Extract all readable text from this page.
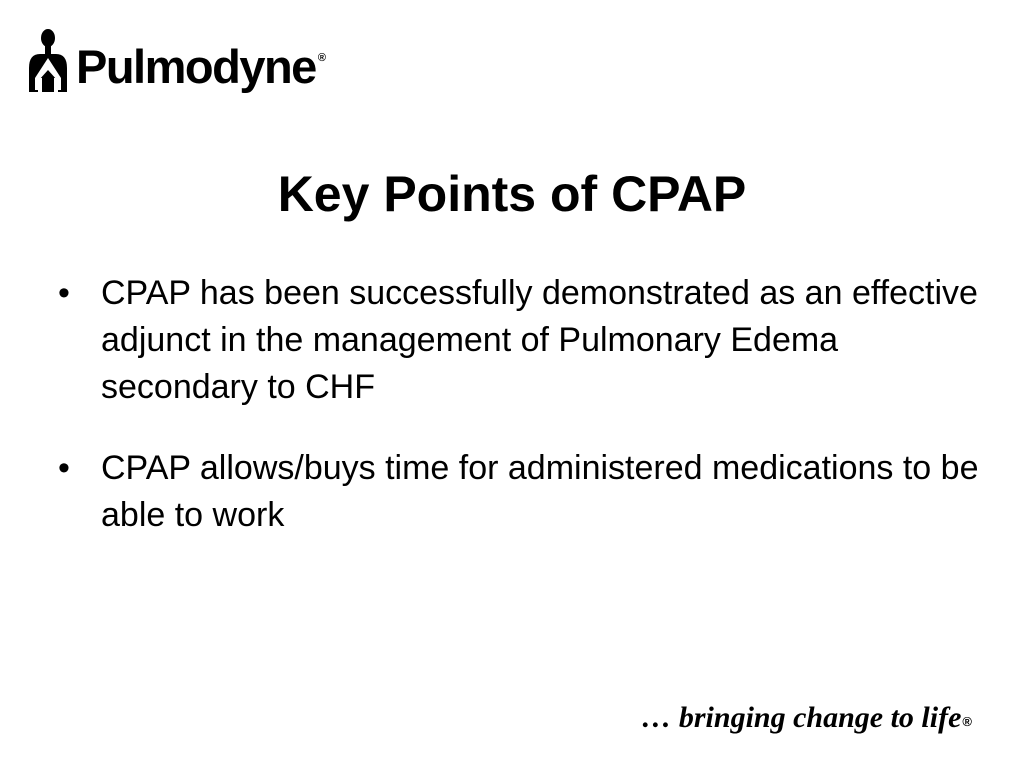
Pulmodyne ®
Key Points of CPAP
• CPAP has been successfully demonstrated as an effective adjunct in the management of Pulmonary Edema secondary to CHF
• CPAP allows/buys time for administered medications to be able to work
… bringing change to life®
